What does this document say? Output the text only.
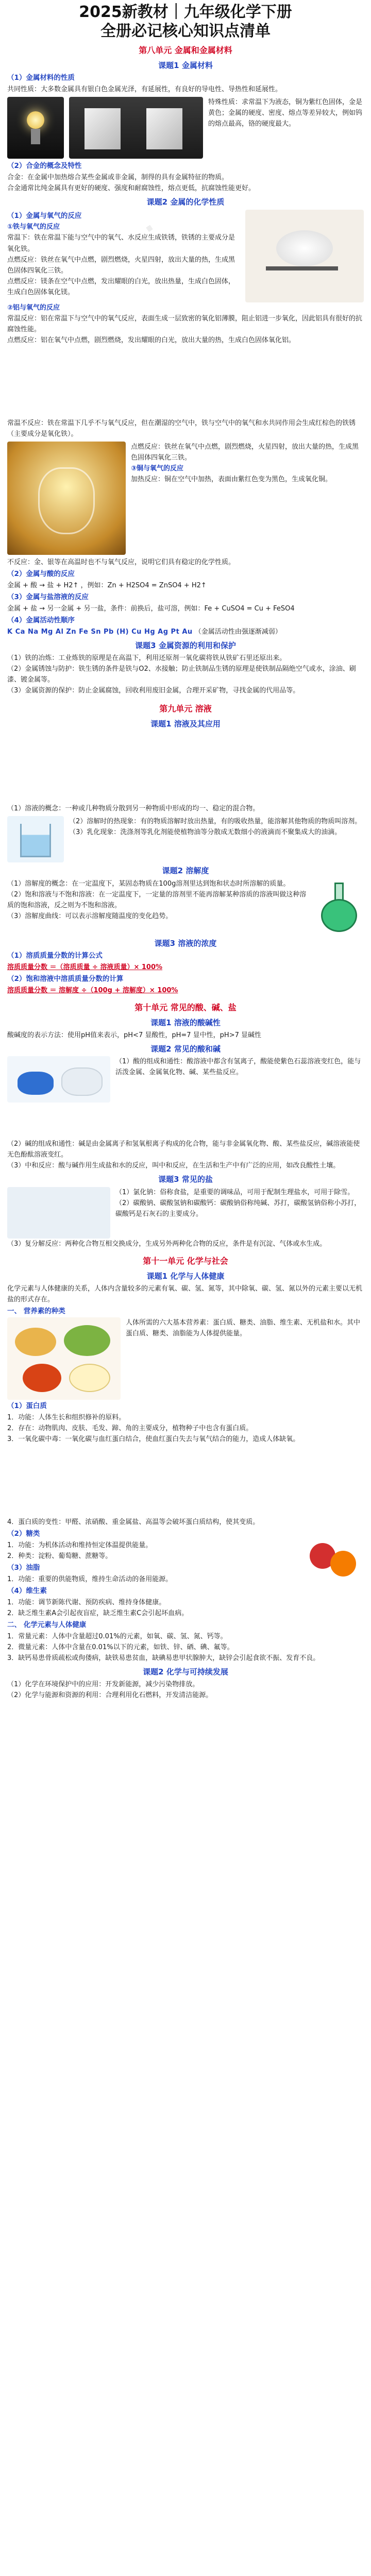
·
2025新教材｜九年级化学下册
全册必记核心知识点清单
第八单元 金属和金属材料
课题1 金属材料
（1）金属材料的性质
共同性质：大多数金属具有银白色金属光泽，有延展性，有良好的导电性、导热性和延展性。
特殊性质：求常温下为液态，铜为紫红色固体，金是黄色；金属的硬度、密度、熔点等差异较大，例如钨的熔点最高，铬的硬度最大。
（2）合金的概念及特性
合金：在金属中加热熔合某些金属或非金属，制得的具有金属特征的物质。
合金通常比纯金属具有更好的硬度、强度和耐腐蚀性，熔点更低，抗腐蚀性能更好。
课题2 金属的化学性质
（1）金属与氧气的反应
①铁与氧气的反应
常温下：铁在常温下能与空气中的氧气、水反应生成铁锈，铁锈的主要成分是氧化铁。
点燃反应：铁丝在氧气中点燃，剧烈燃烧，火星四射，放出大量的热，生成黑色固体四氧化三铁。
点燃反应：镁条在空气中点燃，发出耀眼的白光，放出热量，生成白色固体，生成白色固体氧化镁。
②铝与氧气的反应
常温反应：铝在常温下与空气中的氧气反应，表面生成一层致密的氧化铝薄膜，阻止铝进一步氧化，因此铝具有很好的抗腐蚀性能。
点燃反应：铝在氧气中点燃，剧烈燃烧，发出耀眼的白光，放出大量的热，生成白色固体氧化铝。
常温不反应：铁在常温下几乎不与氧气反应，但在潮湿的空气中，铁与空气中的氧气和水共同作用会生成红棕色的铁锈（主要成分是氧化铁）。
点燃反应：铁丝在氧气中点燃，剧烈燃烧，火星四射，放出大量的热，生成黑色固体四氧化三铁。
③铜与氧气的反应
加热反应：铜在空气中加热，表面由紫红色变为黑色，生成氧化铜。
不反应：金、银等在高温时也不与氧气反应，说明它们具有稳定的化学性质。
（2）金属与酸的反应
金属 + 酸 → 盐 + H2↑ ，例如：Zn + H2SO4 = ZnSO4 + H2↑
（3）金属与盐溶液的反应
金属 + 盐 → 另一金属 + 另一盐，条件：前换后，盐可溶，例如：Fe + CuSO4 = Cu + FeSO4
（4）金属活动性顺序
K Ca Na Mg Al Zn Fe Sn Pb (H) Cu Hg Ag Pt Au （金属活动性由强逐渐减弱）
课题3 金属资源的利用和保护
（1）铁的冶炼：工业炼铁的原理是在高温下，利用还原剂一氧化碳将铁从铁矿石里还原出来。
（2）金属锈蚀与防护：铁生锈的条件是铁与O2、水接触；防止铁制品生锈的原理是使铁制品隔绝空气或水，涂油、刷漆、镀金属等。
（3）金属资源的保护：防止金属腐蚀，回收利用废旧金属，合理开采矿物，寻找金属的代用品等。
第九单元 溶液
课题1 溶液及其应用
（1）溶液的概念：一种或几种物质分散到另一种物质中形成的均一、稳定的混合物。
（2）溶解时的热现象：有的物质溶解时放出热量，有的吸收热量，能溶解其他物质的物质叫溶剂。
（3）乳化现象：洗涤剂等乳化剂能使植物油等分散成无数细小的液滴而不聚集成大的油滴。
课题2 溶解度
（1）溶解度的概念：在一定温度下，某固态物质在100g溶剂里达到饱和状态时所溶解的质量。
（2）饱和溶液与不饱和溶液：在一定温度下，一定量的溶剂里不能再溶解某种溶质的溶液叫做这种溶质的饱和溶液，反之则为不饱和溶液。
（3）溶解度曲线：可以表示溶解度随温度的变化趋势。
课题3 溶液的浓度
（1）溶质质量分数的计算公式
溶质质量分数 ＝（溶质质量 ÷ 溶液质量）× 100%
（2）饱和溶液中溶质质量分数的计算
溶质质量分数 ＝ 溶解度 ÷（100g + 溶解度）× 100%
第十单元 常见的酸、碱、盐
课题1 溶液的酸碱性
酸碱度的表示方法：使用pH值来表示，pH<7 显酸性，pH=7 显中性，pH>7 显碱性
课题2 常见的酸和碱
（1）酸的组成和通性：酸溶液中都含有氢离子，酸能使紫色石蕊溶液变红色，能与活泼金属、金属氧化物、碱、某些盐反应。
（2）碱的组成和通性：碱是由金属离子和氢氧根离子构成的化合物，能与非金属氧化物、酸、某些盐反应，碱溶液能使无色酚酞溶液变红。
（3）中和反应：酸与碱作用生成盐和水的反应，叫中和反应，在生活和生产中有广泛的应用，如改良酸性土壤。
课题3 常见的盐
（1）氯化钠：俗称食盐，是重要的调味品，可用于配制生理盐水，可用于除雪。
（2）碳酸钠、碳酸氢钠和碳酸钙：碳酸钠俗称纯碱、苏打，碳酸氢钠俗称小苏打，碳酸钙是石灰石的主要成分。
（3）复分解反应：两种化合物互相交换成分，生成另外两种化合物的反应，条件是有沉淀、气体或水生成。
第十一单元 化学与社会
课题1 化学与人体健康
化学元素与人体健康的关系，人体内含量较多的元素有氧、碳、氢、氮等，其中除氧、碳、氢、氮以外的元素主要以无机盐的形式存在。
一、 营养素的种类
人体所需的六大基本营养素：蛋白质、糖类、油脂、维生素、无机盐和水。其中蛋白质、糖类、油脂能为人体提供能量。
（1）蛋白质
1．功能：人体生长和组织修补的原料。
2．存在：动物肌肉、皮肤、毛发、蹄、角的主要成分，植物种子中也含有蛋白质。
3．一氧化碳中毒：一氧化碳与血红蛋白结合，使血红蛋白失去与氧气结合的能力，造成人体缺氧。
4．蛋白质的变性：甲醛、浓硝酸、重金属盐、高温等会破坏蛋白质结构，使其变质。
（2）糖类
1．功能：为机体活动和维持恒定体温提供能量。
2．种类：淀粉、葡萄糖、蔗糖等。
（3）油脂
1．功能：重要的供能物质，维持生命活动的备用能源。
（4）维生素
1．功能：调节新陈代谢、预防疾病、维持身体健康。
2．缺乏维生素A会引起夜盲症，缺乏维生素C会引起坏血病。
二、 化学元素与人体健康
1．常量元素：人体中含量超过0.01%的元素，如氧、碳、氢、氮、钙等。
2．微量元素：人体中含量在0.01%以下的元素，如铁、锌、硒、碘、氟等。
3．缺钙易患骨质疏松或佝偻病，缺铁易患贫血，缺碘易患甲状腺肿大，缺锌会引起食欲不振、发育不良。
课题2 化学与可持续发展
（1）化学在环境保护中的应用：开发新能源，减少污染物排放。
（2）化学与能源和资源的利用：合理利用化石燃料，开发清洁能源。
